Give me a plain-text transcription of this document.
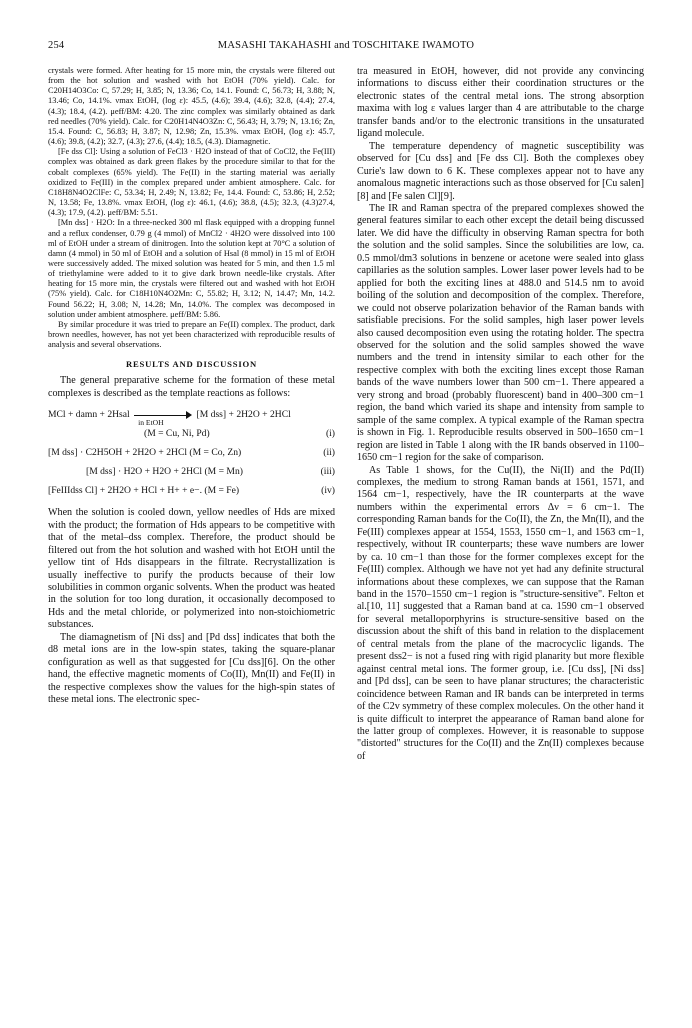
254	MASASHI TAKAHASHI and TOSCHITAKE IWAMOTO

crystals were formed. After heating for 15 more min, the crystals were filtered out from the hot solution and washed with hot EtOH (70% yield). Calc. for C20H14O3Co: C, 57.29; H, 3.85; N, 13.36; Co, 14.1. Found: C, 56.73; H, 3.88; N, 13.46; Co, 14.1%. νmax EtOH, (log ε): 45.5, (4.6); 39.4, (4.6); 32.8, (4.4); 27.4, (4.3); 18.4, (4.2). μeff/BM: 4.20. The zinc complex was similarly obtained as dark red needles (70% yield). Calc. for C20H14N4O3Zn: C, 56.43; H, 3.79; N, 13.16; Zn, 15.4. Found: C, 56.83; H, 3.87; N, 12.98; Zn, 15.3%. νmax EtOH, (log ε): 45.7, (4.6); 39.8, (4.2); 32.7, (4.3); 27.6, (4.4); 18.5, (4.3). Diamagnetic.

[Fe dss Cl]: Using a solution of FeCl3 · H2O instead of that of CoCl2, the Fe(III) complex was obtained as dark green flakes by the procedure similar to that for the cobalt complexes (65% yield). The Fe(II) in the starting material was aerially oxidized to Fe(III) in the complex prepared under ambient atmosphere. Calc. for C18H8N4O2ClFe: C, 53.34; H, 2.49; N, 13.82; Fe, 14.4. Found: C, 53.86; H, 2.52; N, 13.58; Fe, 13.8%. νmax EtOH, (log ε): 46.1, (4.6); 38.8, (4.5); 32.3, (4.3)27.4, (4.3); 17.9, (4.2). μeff/BM: 5.51.

[Mn dss] · H2O: In a three-necked 300 ml flask equipped with a dropping funnel and a reflux condenser, 0.79 g (4 mmol) of MnCl2 · 4H2O were dissolved into 100 ml of EtOH under a stream of dinitrogen. Into the solution kept at 70°C a solution of damn (4 mmol) in 50 ml of EtOH and a solution of Hsal (8 mmol) in 15 ml of EtOH were successively added. The mixed solution was heated for 5 min, and then 1.5 ml of triethylamine were added to it to give dark brown needle-like crystals. After heating for 15 more min, the crystals were filtered out and washed with hot EtOH (75% yield). Calc. for C18H10N4O2Mn: C, 55.82; H, 3.12; N, 14.47; Mn, 14.2. Found 56.22; H, 3.08; N, 14.28; Mn, 14.0%. The complex was decomposed in solution under ambient atmosphere. μeff/BM: 5.86.

By similar procedure it was tried to prepare an Fe(II) complex. The product, dark brown needles, however, has not yet been characterized with reproducible results of analysis and several observations.

RESULTS AND DISCUSSION

The general preparative scheme for the formation of these metal complexes is described as the template reactions as follows:

MCl + damn + 2Hsal
in EtOH
[M dss] + 2H2O + 2HCl
(M = Cu, Ni, Pd)	(i)
[M dss] · C2H5OH + 2H2O + 2HCl (M = Co, Zn)	(ii)
[M dss] · H2O + H2O + 2HCl (M = Mn)	(iii)
[FeIIIdss Cl] + 2H2O + HCl + H+ + e−. (M = Fe)	(iv)

When the solution is cooled down, yellow needles of Hds are mixed with the product; the formation of Hds appears to be competitive with that of the metal–dss complex. Therefore, the product should be filtered out from the hot solution and washed with hot EtOH until the yellow tint of Hds disappears in the filtrate. Recrystallization is usually ineffective to purify the products because of their low solubilities in common organic solvents. When the product was heated in the solution for too long duration, it occasionally decomposed to Hds and the metal chloride, or polymerized into non-stoichiometric substances.

The diamagnetism of [Ni dss] and [Pd dss] indicates that both the d8 metal ions are in the low-spin states, taking the square-planar configuration as well as that suggested for [Cu dss][6]. On the other hand, the effective magnetic moments of Co(II), Mn(II) and Fe(II) in the respective complexes show the values for the high-spin states of these metal ions. The electronic spec-

tra measured in EtOH, however, did not provide any convincing informations to discuss either their coordination structures or the electronic states of the central metal ions. The strong absorption maxima with log ε values larger than 4 are attributable to the charge transfer bands and/or to the electronic transitions in the unsaturated ligand molecule.

The temperature dependency of magnetic susceptibility was observed for [Cu dss] and [Fe dss Cl]. Both the complexes obey Curie's law down to 6 K. These complexes appear not to have any anomalous magnetic interactions such as those observed for [Cu salen][8] and [Fe salen Cl][9].

The IR and Raman spectra of the prepared complexes showed the general features similar to each other except the detail being discussed later. We did have the difficulty in observing Raman spectra for both the solution and the solid samples. Since the solubilities are low, ca. 0.5 mmol/dm3 solutions in benzene or acetone were sealed into glass capillaries as the solution samples. Lower laser power levels had to be applied for both the exciting lines at 488.0 and 514.5 nm to avoid boiling of the solution and decomposition of the complex. Therefore, we could not observe polarization behavior of the Raman bands with satisfiable precisions. For the solid samples, high laser power levels also caused decomposition even using the rotating holder. The spectra observed for the solution and the solid samples showed the wave numbers and the trend in intensity similar to each other for the respective complex with both the exciting lines except those Raman bands of the wave numbers lower than 500 cm−1. There appeared a very strong and broad (probably fluorescent) band in 400–300 cm−1 region, the band which varied its shape and intensity from sample to sample of the same complex. A typical example of the Raman spectra is shown in Fig. 1. Reproducible results observed in 500–1650 cm−1 region are listed in Table 1 along with the IR bands observed in 1100–1650 cm−1 region for the sake of comparison.

As Table 1 shows, for the Cu(II), the Ni(II) and the Pd(II) complexes, the medium to strong Raman bands at 1561, 1571, and 1564 cm−1, respectively, have the IR counterparts at the wave numbers within the experimental errors Δν = 6 cm−1. The corresponding Raman bands for the Co(II), the Zn, the Mn(II), and the Fe(III) complexes appear at 1554, 1553, 1550 cm−1, and 1563 cm−1, respectively, without IR counterparts; these wave numbers are lower by ca. 10 cm−1 than those for the former complexes except for the Fe(III) complex. Although we have not yet had any definite structural informations about these complexes, we can suppose that the Raman band in the 1570–1550 cm−1 region is "structure-sensitive". Felton et al.[10, 11] suggested that a Raman band at ca. 1590 cm−1 observed for several metalloporphyrins is structure-sensitive based on the discussion about the shift of this band in relation to the displacement of central metals from the plane of the macrocyclic ligands. The present dss2− is not a fused ring with rigid planarity but more flexible against central metal ions. The former group, i.e. [Cu dss], [Ni dss] and [Pd dss], can be seen to have planar structures; the characteristic coincidence between Raman and IR bands can be interpreted in terms of the C2v symmetry of these complex molecules. On the other hand it is quite difficult to interpret the appearance of Raman band alone for the latter group of complexes. However, it is reasonable to suppose "distorted" structures for the Co(II) and the Zn(II) complexes because of
